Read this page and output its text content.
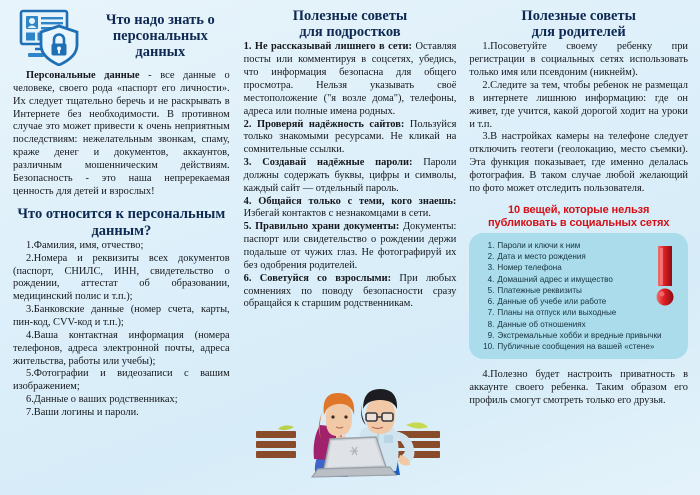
Что надо знать о персональных данных

Персональные данные - все данные о человеке, своего рода «паспорт его личности». Их следует тщательно беречь и не раскрывать в Интернете без необходимости. В противном случае это может привести к очень неприятным последствиям: нежелательным звонкам, спаму, краже денег и документов, аккаунтов, различным мошенническим действиям. Безопасность - это наша непререкаемая ценность для детей и взрослых!

Что относится к персональным данным?
1.Фамилия, имя, отчество;
2.Номера и реквизиты всех документов (паспорт, СНИЛС, ИНН, свидетельство о рождении, аттестат об образовании, медицинский полис и т.п.);
3.Банковские данные (номер счета, карты, пин-код, CVV-код и т.п.);
4.Ваша контактная информация (номера телефонов, адреса электронной почты, адреса жительства, работы или учебы);
5.Фотографии и видеозаписи с вашим изображением;
6.Данные о ваших родственниках;
7.Ваши логины и пароли.
Полезные советы
для подростков

1. Не рассказывай лишнего в сети: Оставляя посты или комментируя в соцсетях, убедись, что информация безопасна для общего просмотра. Нельзя указывать своё местоположение ("я возле дома"), телефоны, адреса или полные имена родных.

2. Проверяй надёжность сайтов: Пользуйся только знакомыми ресурсами. Не кликай на сомнительные ссылки.

3. Создавай надёжные пароли: Пароли должны содержать буквы, цифры и символы, каждый сайт — отдельный пароль.

4. Общайся только с теми, кого знаешь: Избегай контактов с незнакомцами в сети.

5. Правильно храни документы: Документы: паспорт или свидетельство о рождении держи подальше от чужих глаз. Не фотографируй их без одобрения родителей.

6. Советуйся со взрослыми: При любых сомнениях по поводу безопасности сразу обращайся к старшим родственникам.

Полезные советы
для родителей

1.Посоветуйте своему ребенку при регистрации в социальных сетях использовать только имя или псевдоним (никнейм).

2.Следите за тем, чтобы ребенок не размещал в интернете лишнюю информацию: где он живет, где учится, какой дорогой ходит на уроки и т.п.

3.В настройках камеры на телефоне следует отключить геотеги (геолокацию, место съемки). Эта функция показывает, где именно делалась фотография. В таком случае любой желающий по фото может отследить пользователя.

10 вещей, которые нельзя
публиковать в социальных сетях
Пароли и ключи к ним
Дата и место рождения
Номер телефона
Домашний адрес и имущество
Платежные реквизиты
Данные об учебе или работе
Планы на отпуск или выходные
Данные об отношениях
Экстремальные хобби и вредные привычки
Публичные сообщения на вашей «стене»

4.Полезно будет настроить приватность в аккаунте своего ребенка. Таким образом его профиль смогут смотреть только его друзья.
